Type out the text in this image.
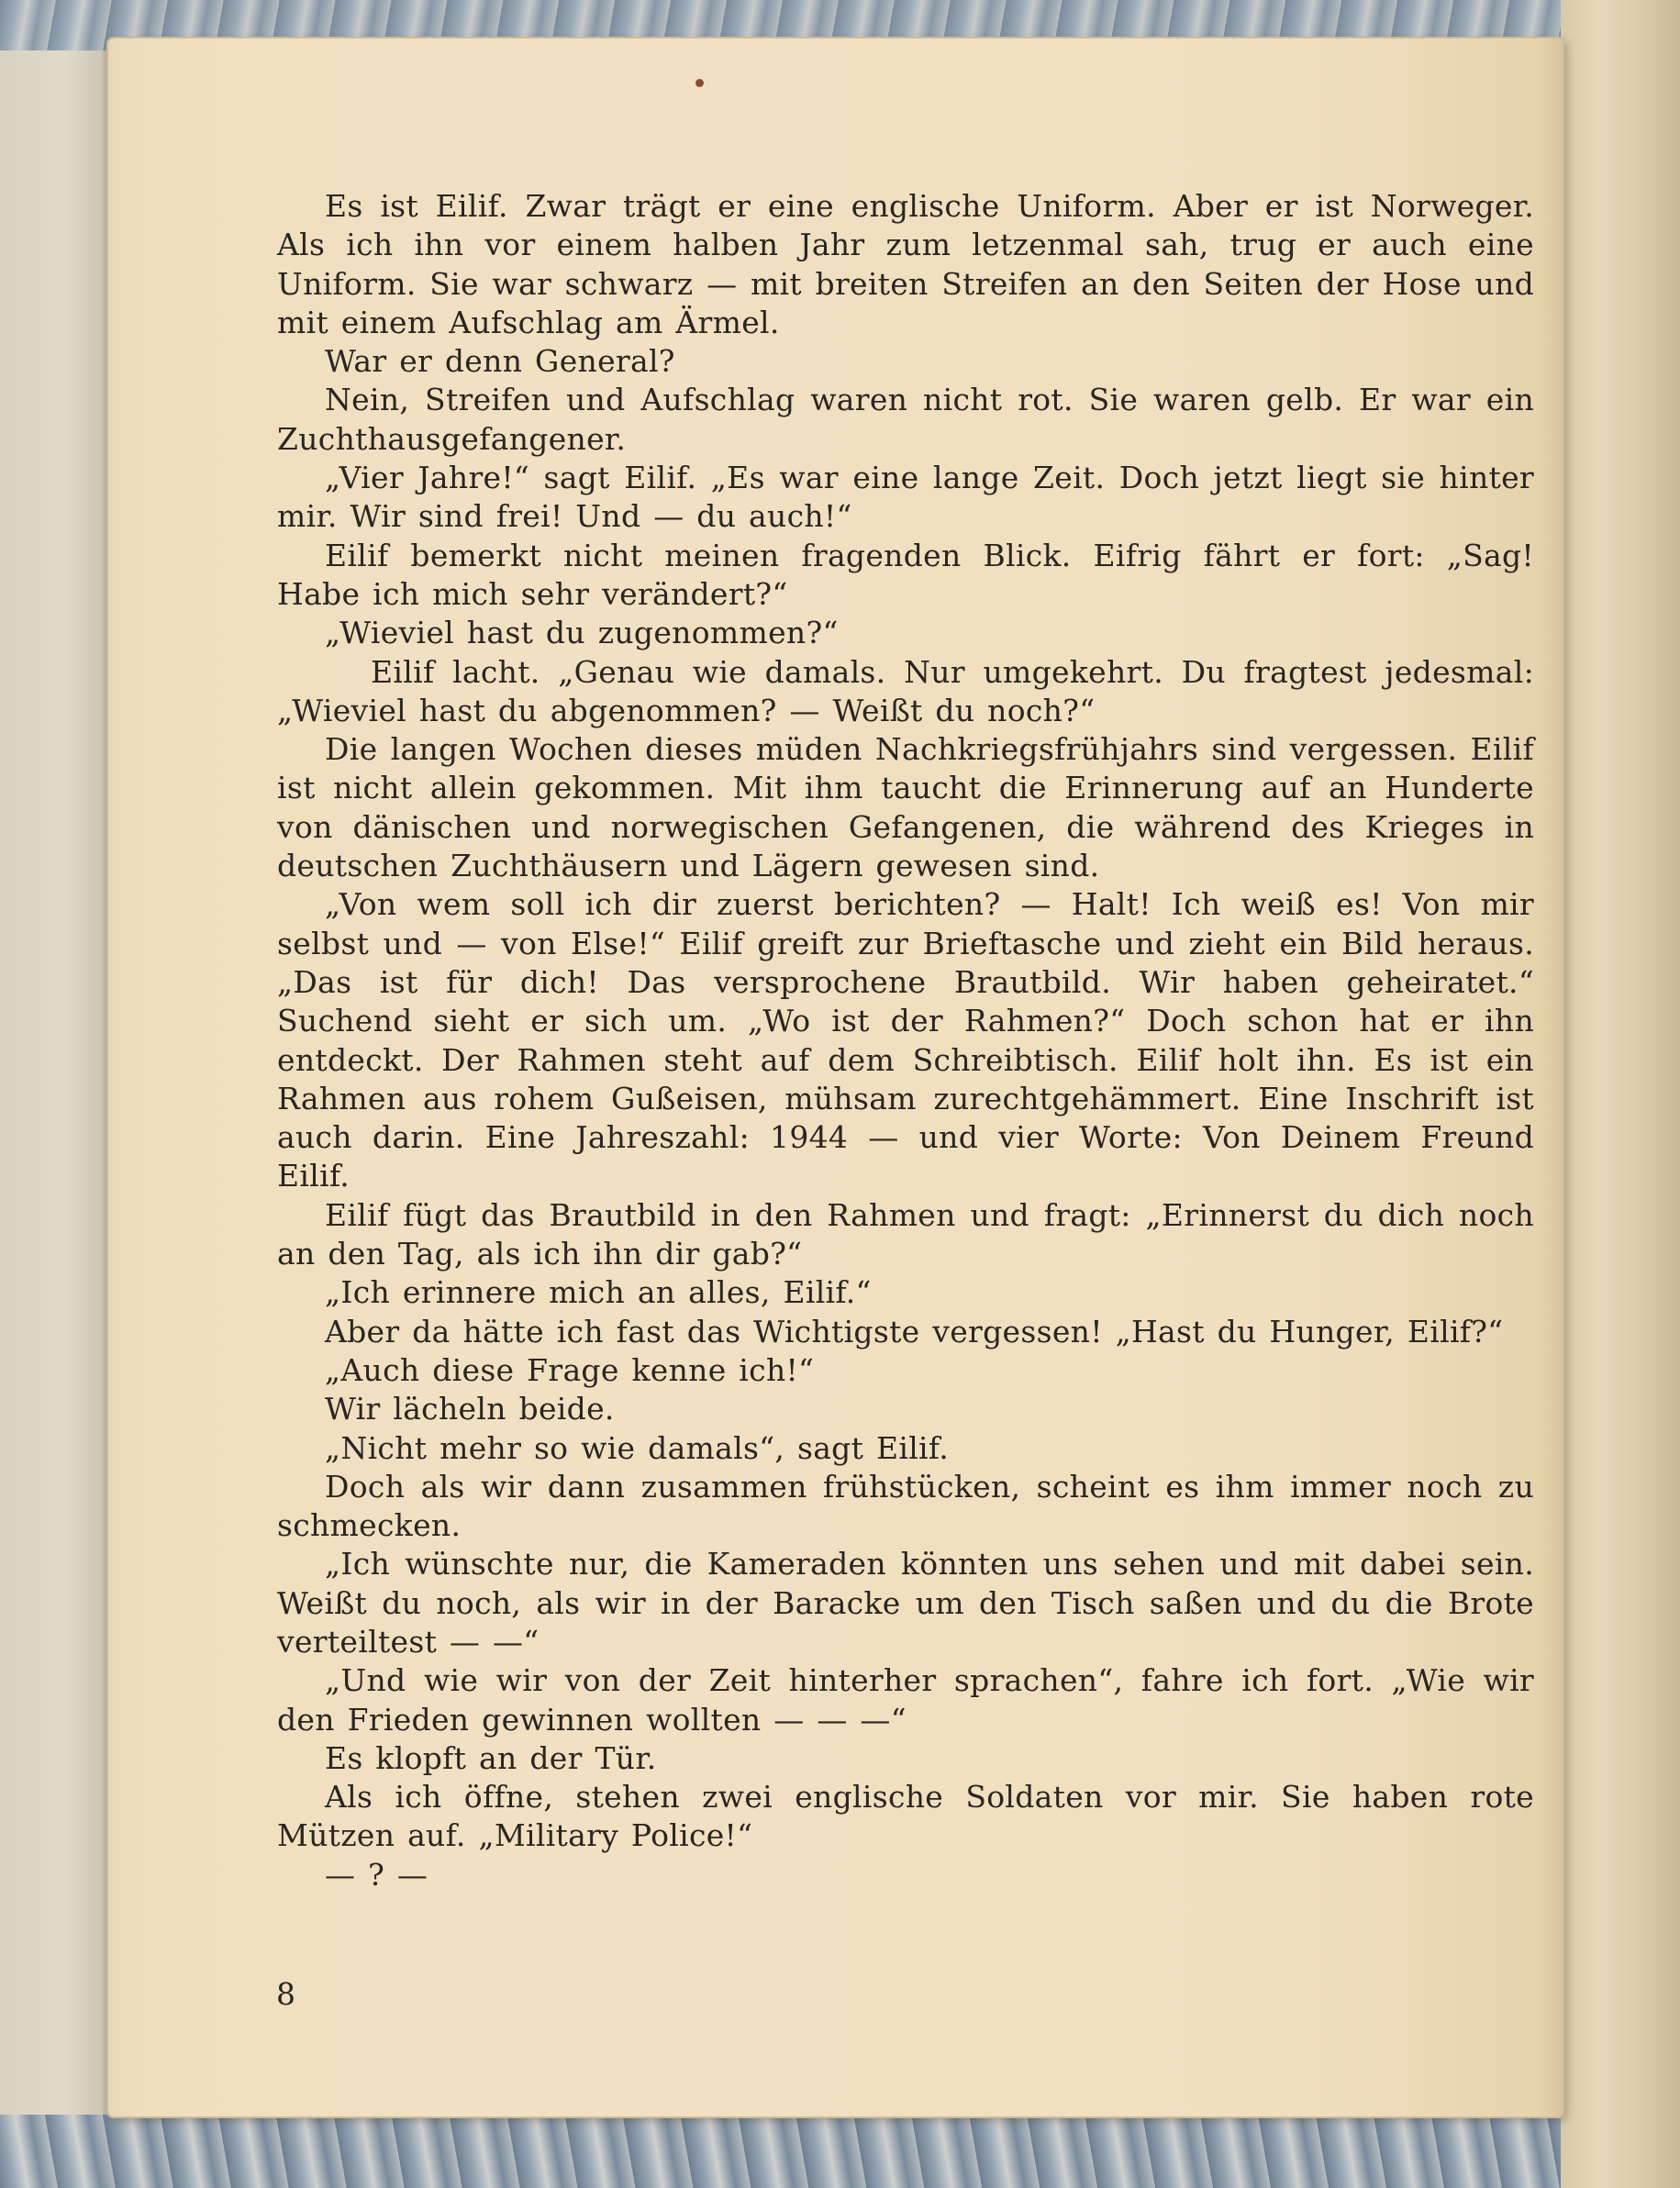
Es ist Eilif. Zwar trägt er eine englische Uniform. Aber er ist Norweger. Als ich ihn vor einem halben Jahr zum letzenmal sah, trug er auch eine Uniform. Sie war schwarz — mit breiten Streifen an den Seiten der Hose und mit einem Aufschlag am Ärmel.

War er denn General?

Nein, Streifen und Aufschlag waren nicht rot. Sie waren gelb. Er war ein Zuchthausgefangener.

„Vier Jahre!“ sagt Eilif. „Es war eine lange Zeit. Doch jetzt liegt sie hinter mir. Wir sind frei! Und — du auch!“

Eilif bemerkt nicht meinen fragenden Blick. Eifrig fährt er fort: „Sag! Habe ich mich sehr verändert?“

„Wieviel hast du zugenommen?“

Eilif lacht. „Genau wie damals. Nur umgekehrt. Du fragtest jedesmal: „Wieviel hast du abgenommen? — Weißt du noch?“

Die langen Wochen dieses müden Nachkriegsfrühjahrs sind vergessen. Eilif ist nicht allein gekommen. Mit ihm taucht die Erinnerung auf an Hunderte von dänischen und norwegischen Gefangenen, die während des Krieges in deutschen Zuchthäusern und Lägern gewesen sind.

„Von wem soll ich dir zuerst berichten? — Halt! Ich weiß es! Von mir selbst und — von Else!“ Eilif greift zur Brieftasche und zieht ein Bild heraus. „Das ist für dich! Das versprochene Brautbild. Wir haben geheiratet.“ Suchend sieht er sich um. „Wo ist der Rahmen?“ Doch schon hat er ihn entdeckt. Der Rahmen steht auf dem Schreibtisch. Eilif holt ihn. Es ist ein Rahmen aus rohem Gußeisen, mühsam zurechtgehämmert. Eine Inschrift ist auch darin. Eine Jahreszahl: 1944 — und vier Worte: Von Deinem Freund Eilif.

Eilif fügt das Brautbild in den Rahmen und fragt: „Erinnerst du dich noch an den Tag, als ich ihn dir gab?“

„Ich erinnere mich an alles, Eilif.“

Aber da hätte ich fast das Wichtigste vergessen! „Hast du Hunger, Eilif?“

„Auch diese Frage kenne ich!“

Wir lächeln beide.

„Nicht mehr so wie damals“, sagt Eilif.

Doch als wir dann zusammen frühstücken, scheint es ihm immer noch zu schmecken.

„Ich wünschte nur, die Kameraden könnten uns sehen und mit dabei sein. Weißt du noch, als wir in der Baracke um den Tisch saßen und du die Brote verteiltest — —“

„Und wie wir von der Zeit hinterher sprachen“, fahre ich fort. „Wie wir den Frieden gewinnen wollten — — —“

Es klopft an der Tür.

Als ich öffne, stehen zwei englische Soldaten vor mir. Sie haben rote Mützen auf. „Military Police!“

— ? —

8
